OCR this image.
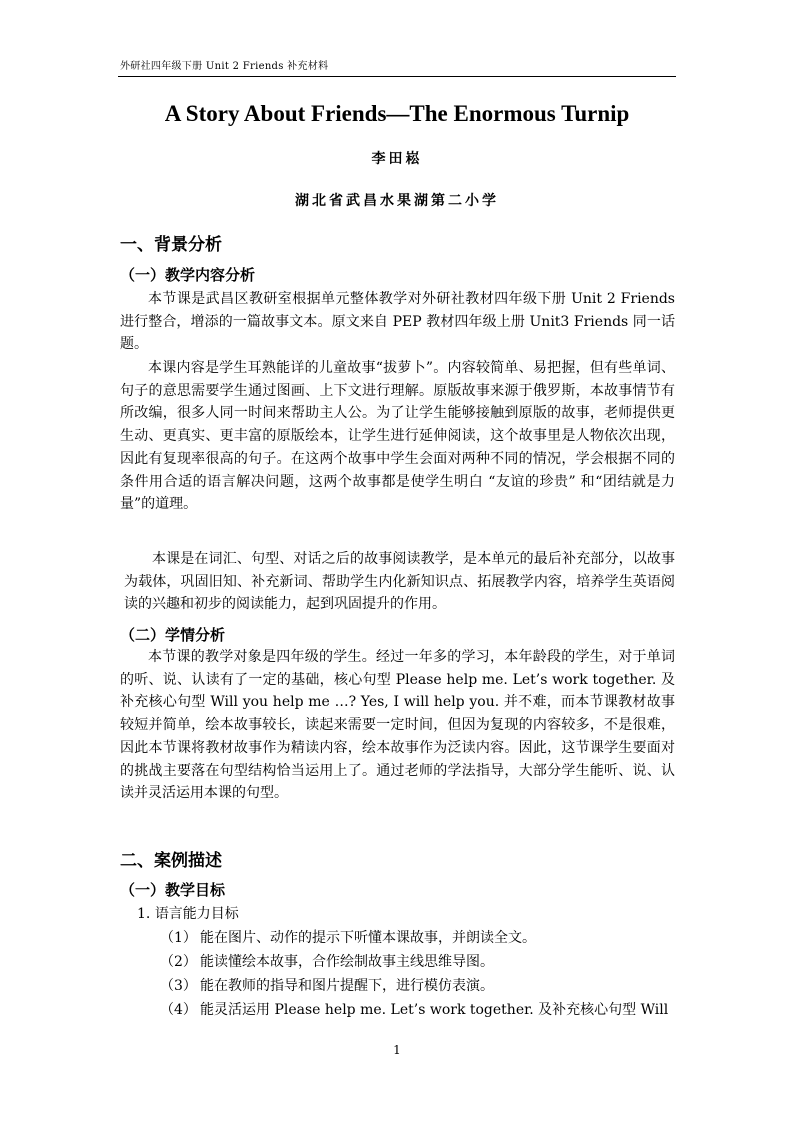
外研社四年级下册 Unit 2 Friends 补充材料
A Story About Friends—The Enormous Turnip
李田崧
湖北省武昌水果湖第二小学
一、背景分析
（一）教学内容分析

本节课是武昌区教研室根据单元整体教学对外研社教材四年级下册 Unit 2 Friends 进行整合，增添的一篇故事文本。原文来自 PEP 教材四年级上册 Unit3 Friends 同一话题。

本课内容是学生耳熟能详的儿童故事“拔萝卜”。内容较简单、易把握，但有些单词、句子的意思需要学生通过图画、上下文进行理解。原版故事来源于俄罗斯，本故事情节有所改编，很多人同一时间来帮助主人公。为了让学生能够接触到原版的故事，老师提供更生动、更真实、更丰富的原版绘本，让学生进行延伸阅读，这个故事里是人物依次出现，因此有复现率很高的句子。在这两个故事中学生会面对两种不同的情况，学会根据不同的条件用合适的语言解决问题，这两个故事都是使学生明白 “友谊的珍贵” 和“团结就是力量”的道理。

本课是在词汇、句型、对话之后的故事阅读教学，是本单元的最后补充部分，以故事为载体，巩固旧知、补充新词、帮助学生内化新知识点、拓展教学内容，培养学生英语阅读的兴趣和初步的阅读能力，起到巩固提升的作用。

（二）学情分析

本节课的教学对象是四年级的学生。经过一年多的学习，本年龄段的学生，对于单词的听、说、认读有了一定的基础，核心句型 Please help me. Let’s work together. 及补充核心句型 Will you help me …? Yes, I will help you. 并不难，而本节课教材故事较短并简单，绘本故事较长，读起来需要一定时间，但因为复现的内容较多，不是很难，因此本节课将教材故事作为精读内容，绘本故事作为泛读内容。因此，这节课学生要面对的挑战主要落在句型结构恰当运用上了。通过老师的学法指导，大部分学生能听、说、认读并灵活运用本课的句型。

二、案例描述
（一）教学目标
1. 语言能力目标
（1） 能在图片、动作的提示下听懂本课故事，并朗读全文。
（2） 能读懂绘本故事，合作绘制故事主线思维导图。
（3） 能在教师的指导和图片提醒下，进行模仿表演。
（4） 能灵活运用 Please help me. Let’s work together. 及补充核心句型 Will
1
